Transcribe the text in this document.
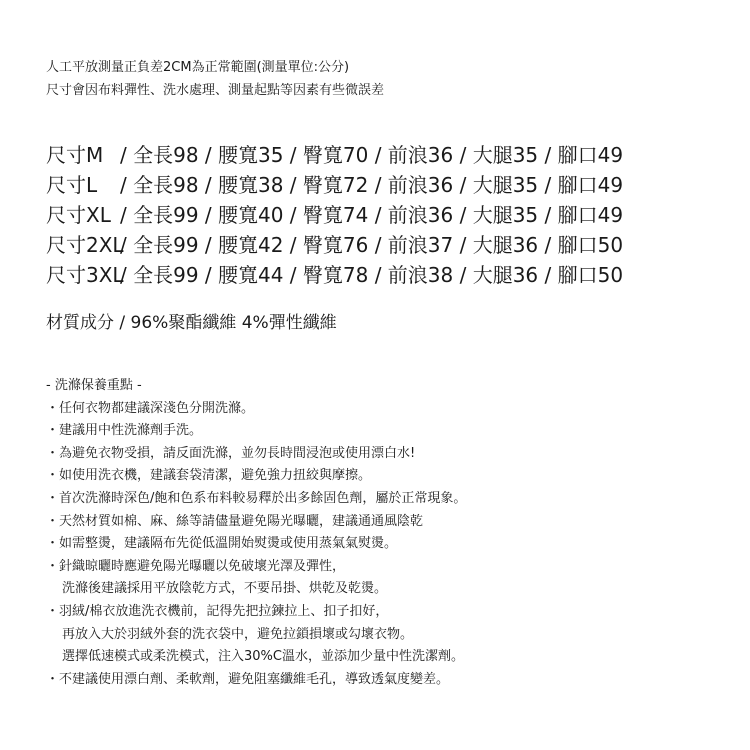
人工平放測量正負差2CM為正常範圍(測量單位:公分)
尺寸會因布料彈性、洗水處理、測量起點等因素有些微誤差
尺寸M / 全長98 / 腰寬35 / 臀寬70 / 前浪36 / 大腿35 / 腳口49
尺寸L	/ 全長98 / 腰寬38 / 臀寬72 / 前浪36 / 大腿35 / 腳口49
尺寸XL / 全長99 / 腰寬40 / 臀寬74 / 前浪36 / 大腿35 / 腳口49
尺寸2XL
/ 全長99 / 腰寬42 / 臀寬76 / 前浪37 / 大腿36 / 腳口50
尺寸3XL
/ 全長99 / 腰寬44 / 臀寬78 / 前浪38 / 大腿36 / 腳口50
材質成分 / 96%聚酯纖維 4%彈性纖維
- 洗滌保養重點 -
・任何衣物都建議深淺色分開洗滌。
・建議用中性洗滌劑手洗。
・為避免衣物受損，請反面洗滌，並勿長時間浸泡或使用漂白水!
・如使用洗衣機，建議套袋清潔，避免強力扭絞與摩擦。
・首次洗滌時深色/飽和色系布料較易釋於出多餘固色劑，屬於正常現象。
・天然材質如棉、麻、絲等請儘量避免陽光曝曬，建議通通風陰乾
・如需整燙，建議隔布先從低溫開始熨燙或使用蒸氣氣熨燙。
・針織晾曬時應避免陽光曝曬以免破壞光澤及彈性，
洗滌後建議採用平放陰乾方式，不要吊掛、烘乾及乾燙。
・羽絨/棉衣放進洗衣機前，記得先把拉鍊拉上、扣子扣好，
再放入大於羽絨外套的洗衣袋中，避免拉鎖損壞或勾壞衣物。
選擇低速模式或柔洗模式，注入30%C溫水，並添加少量中性洗潔劑。
・不建議使用漂白劑、柔軟劑，避免阻塞纖維毛孔，導致透氣度變差。
